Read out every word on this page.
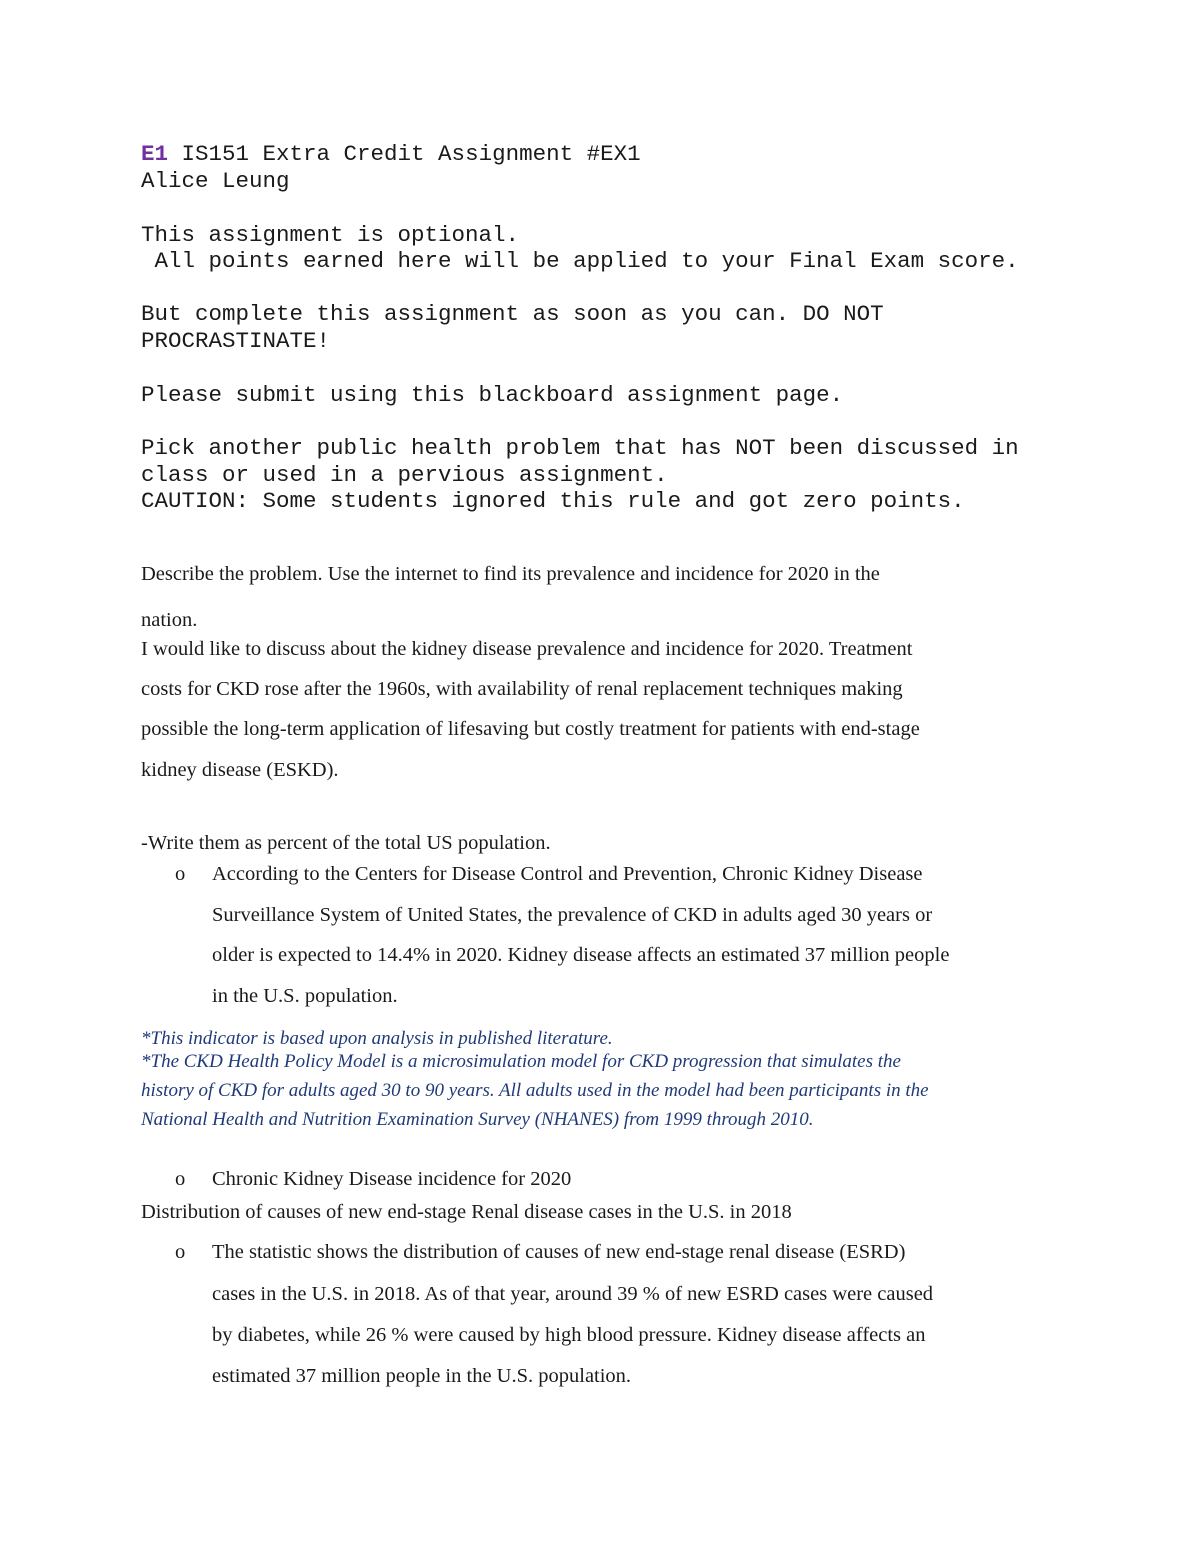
E1 IS151 Extra Credit Assignment #EX1
Alice Leung
This assignment is optional.
All points earned here will be applied to your Final Exam score.
But complete this assignment as soon as you can. DO NOT
PROCRASTINATE!
Please submit using this blackboard assignment page.
Pick another public health problem that has NOT been discussed in
class or used in a pervious assignment.
CAUTION: Some students ignored this rule and got zero points.
Describe the problem. Use the internet to find its prevalence and incidence for 2020 in the
nation.
I would like to discuss about the kidney disease prevalence and incidence for 2020. Treatment
costs for CKD rose after the 1960s, with availability of renal replacement techniques making
possible the long-term application of lifesaving but costly treatment for patients with end-stage
kidney disease (ESKD).
-Write them as percent of the total US population.
o According to the Centers for Disease Control and Prevention, Chronic Kidney Disease
Surveillance System of United States, the prevalence of CKD in adults aged 30 years or
older is expected to 14.4% in 2020. Kidney disease affects an estimated 37 million people
in the U.S. population.
*This indicator is based upon analysis in published literature.
*The CKD Health Policy Model is a microsimulation model for CKD progression that simulates the
history of CKD for adults aged 30 to 90 years. All adults used in the model had been participants in the
National Health and Nutrition Examination Survey (NHANES) from 1999 through 2010.
o Chronic Kidney Disease incidence for 2020
Distribution of causes of new end-stage Renal disease cases in the U.S. in 2018
o The statistic shows the distribution of causes of new end-stage renal disease (ESRD)
cases in the U.S. in 2018. As of that year, around 39 % of new ESRD cases were caused
by diabetes, while 26 % were caused by high blood pressure. Kidney disease affects an
estimated 37 million people in the U.S. population.
